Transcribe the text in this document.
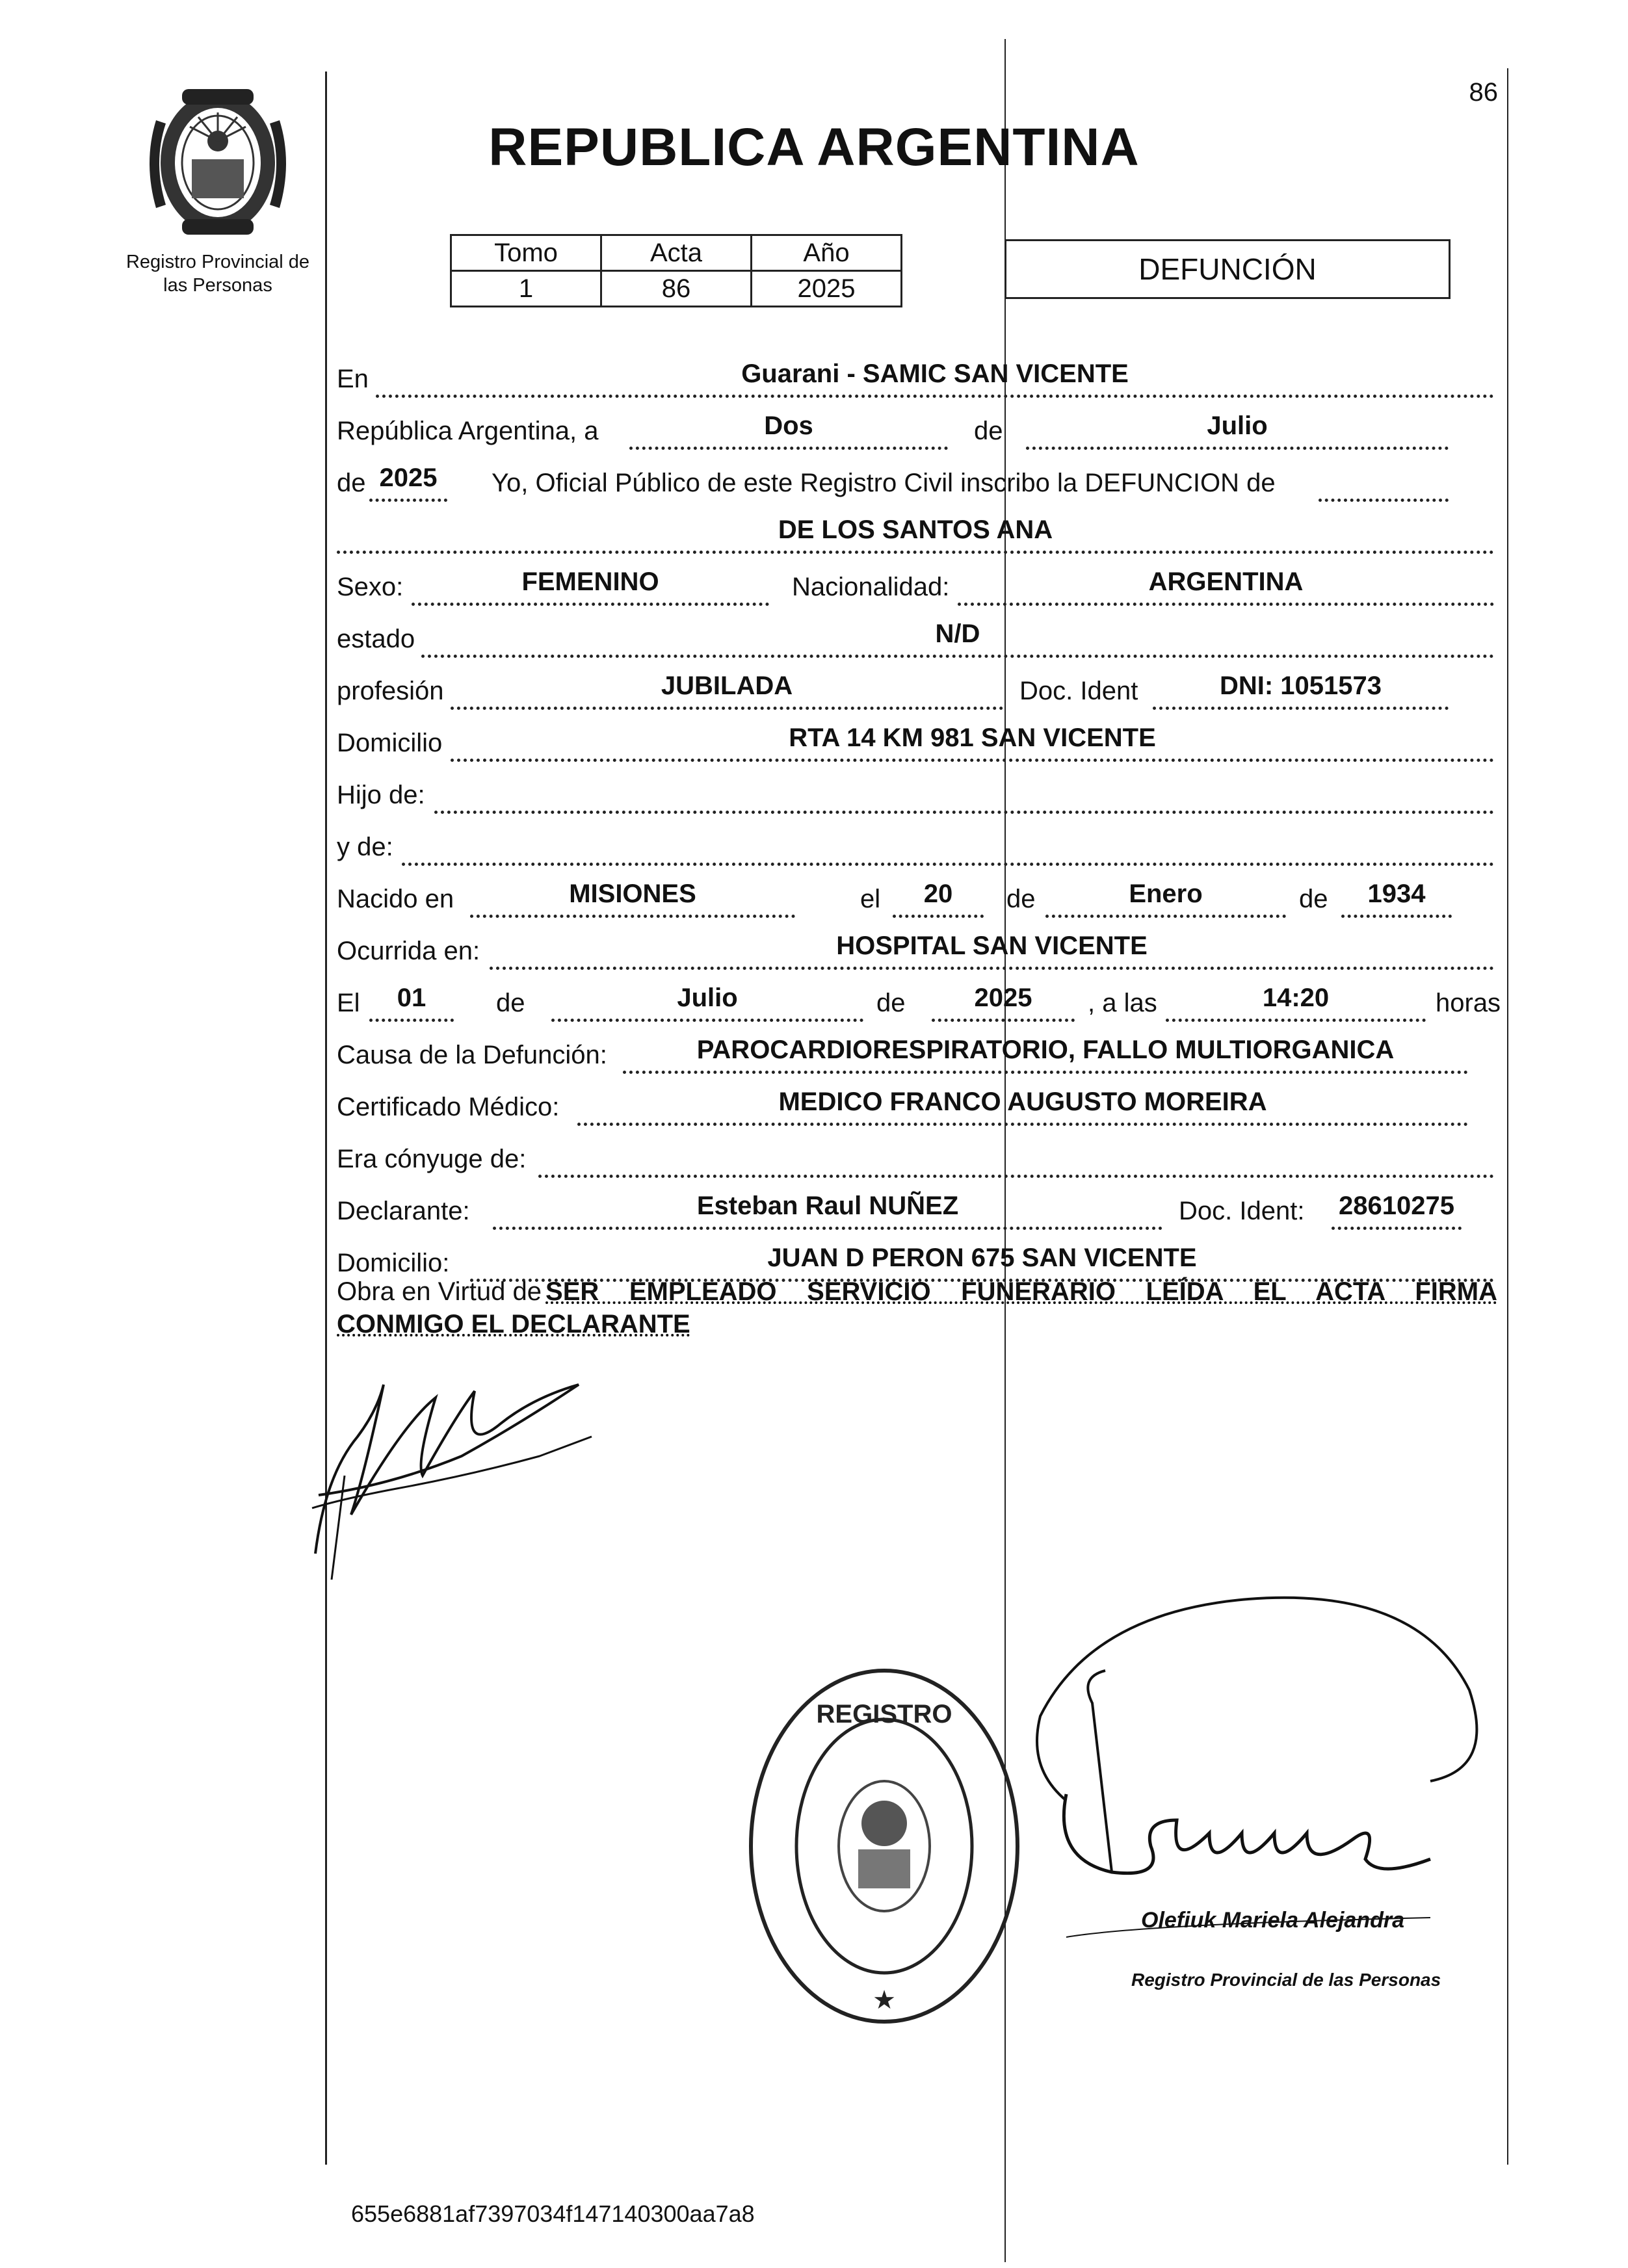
86
Registro Provincial de
las Personas
REPUBLICA ARGENTINA
Tomo	Acta	Año
1	86	2025
DEFUNCIÓN
En	Guarani - SAMIC SAN VICENTE
República Argentina, a	Dos	de	Julio
de 2025	Yo, Oficial Público de este Registro Civil inscribo la DEFUNCION de
DE LOS SANTOS ANA
Sexo:	FEMENINO	Nacionalidad:	ARGENTINA
estado	N/D
profesión	JUBILADA	Doc. Ident	DNI: 1051573
Domicilio	RTA 14 KM 981 SAN VICENTE
Hijo de:
y de:
Nacido en	MISIONES	el	20	de	Enero	de	1934
Ocurrida en:	HOSPITAL SAN VICENTE
El	01	de	Julio	de	2025	, a las	14:20	horas
Causa de la Defunción:	PAROCARDIORESPIRATORIO, FALLO MULTIORGANICA
Certificado Médico:	MEDICO FRANCO AUGUSTO MOREIRA
Era cónyuge de:
Declarante:	Esteban Raul NUÑEZ	Doc. Ident: 28610275
Domicilio:	JUAN D PERON 675 SAN VICENTE
Obra en Virtud de SER EMPLEADO SERVICIO FUNERARIO LEÍDA EL ACTA FIRMA
CONMIGO EL DECLARANTE
REGISTRO
★
Olefiuk Mariela Alejandra
Registro Provincial de las Personas
655e6881af7397034f147140300aa7a8
